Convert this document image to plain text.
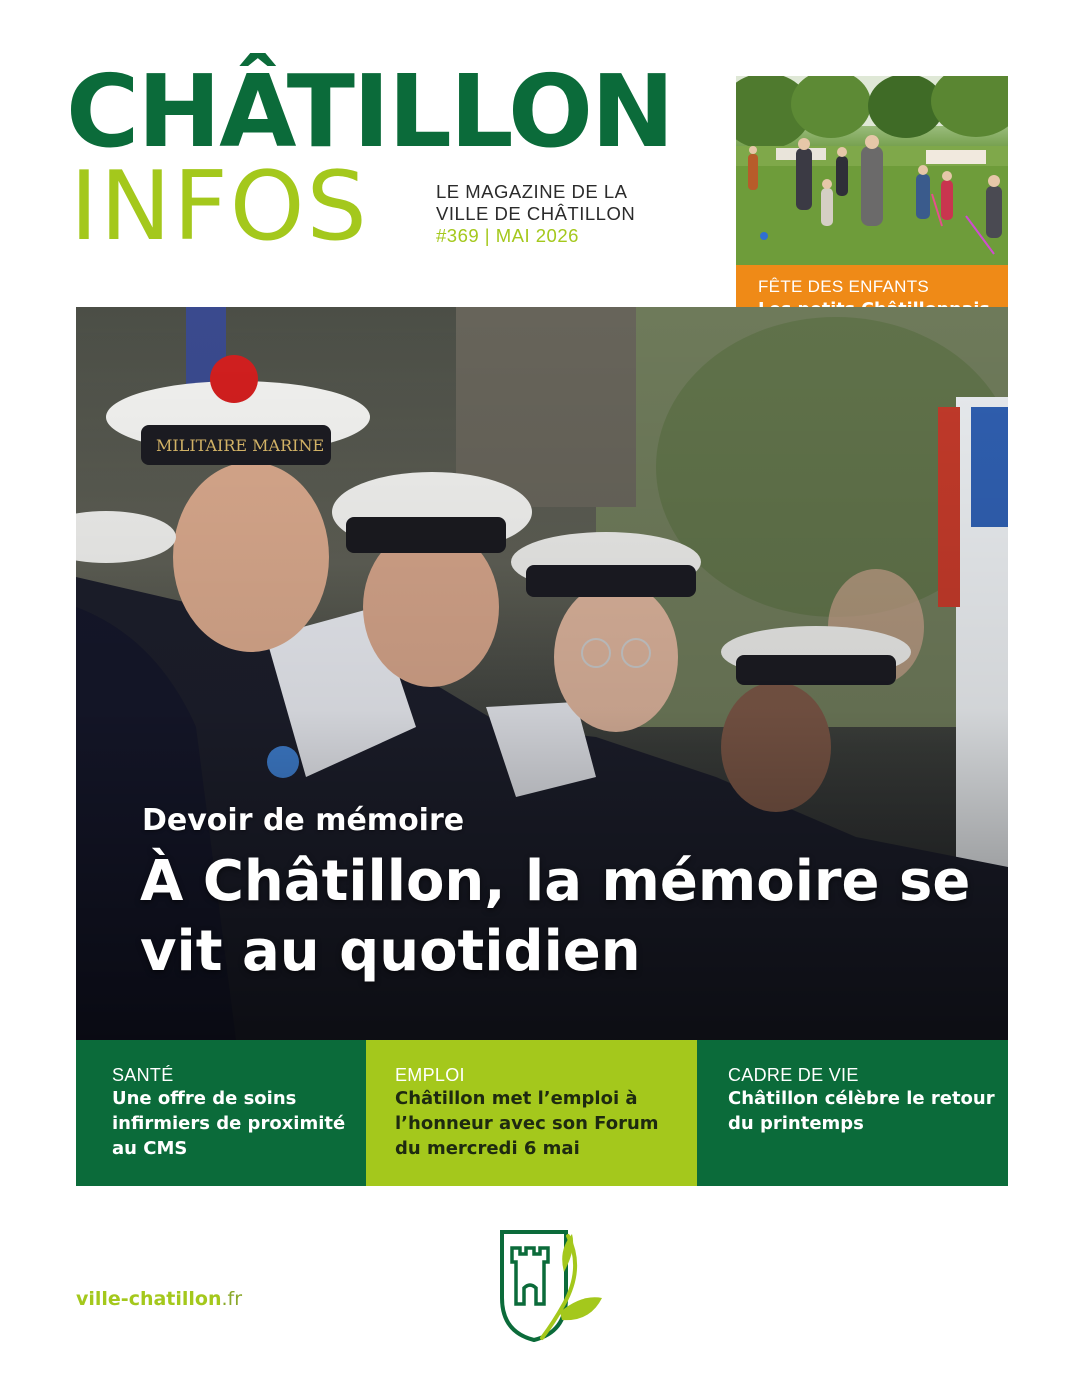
CHÂTILLON
INFOS	LE MAGAZINE DE LA
VILLE DE CHÂTILLON
#369 | MAI 2026
FÊTE DES ENFANTS
Devoir de mémoire
À Châtillon, la mémoire se vit au quotidien
SANTÉ
Une offre de soins infirmiers de proximité au CMS
EMPLOI
Châtillon met l’emploi à l’honneur avec son Forum du mercredi 6 mai
CADRE DE VIE
Châtillon célèbre le retour du printemps
ville-chatillon.fr
